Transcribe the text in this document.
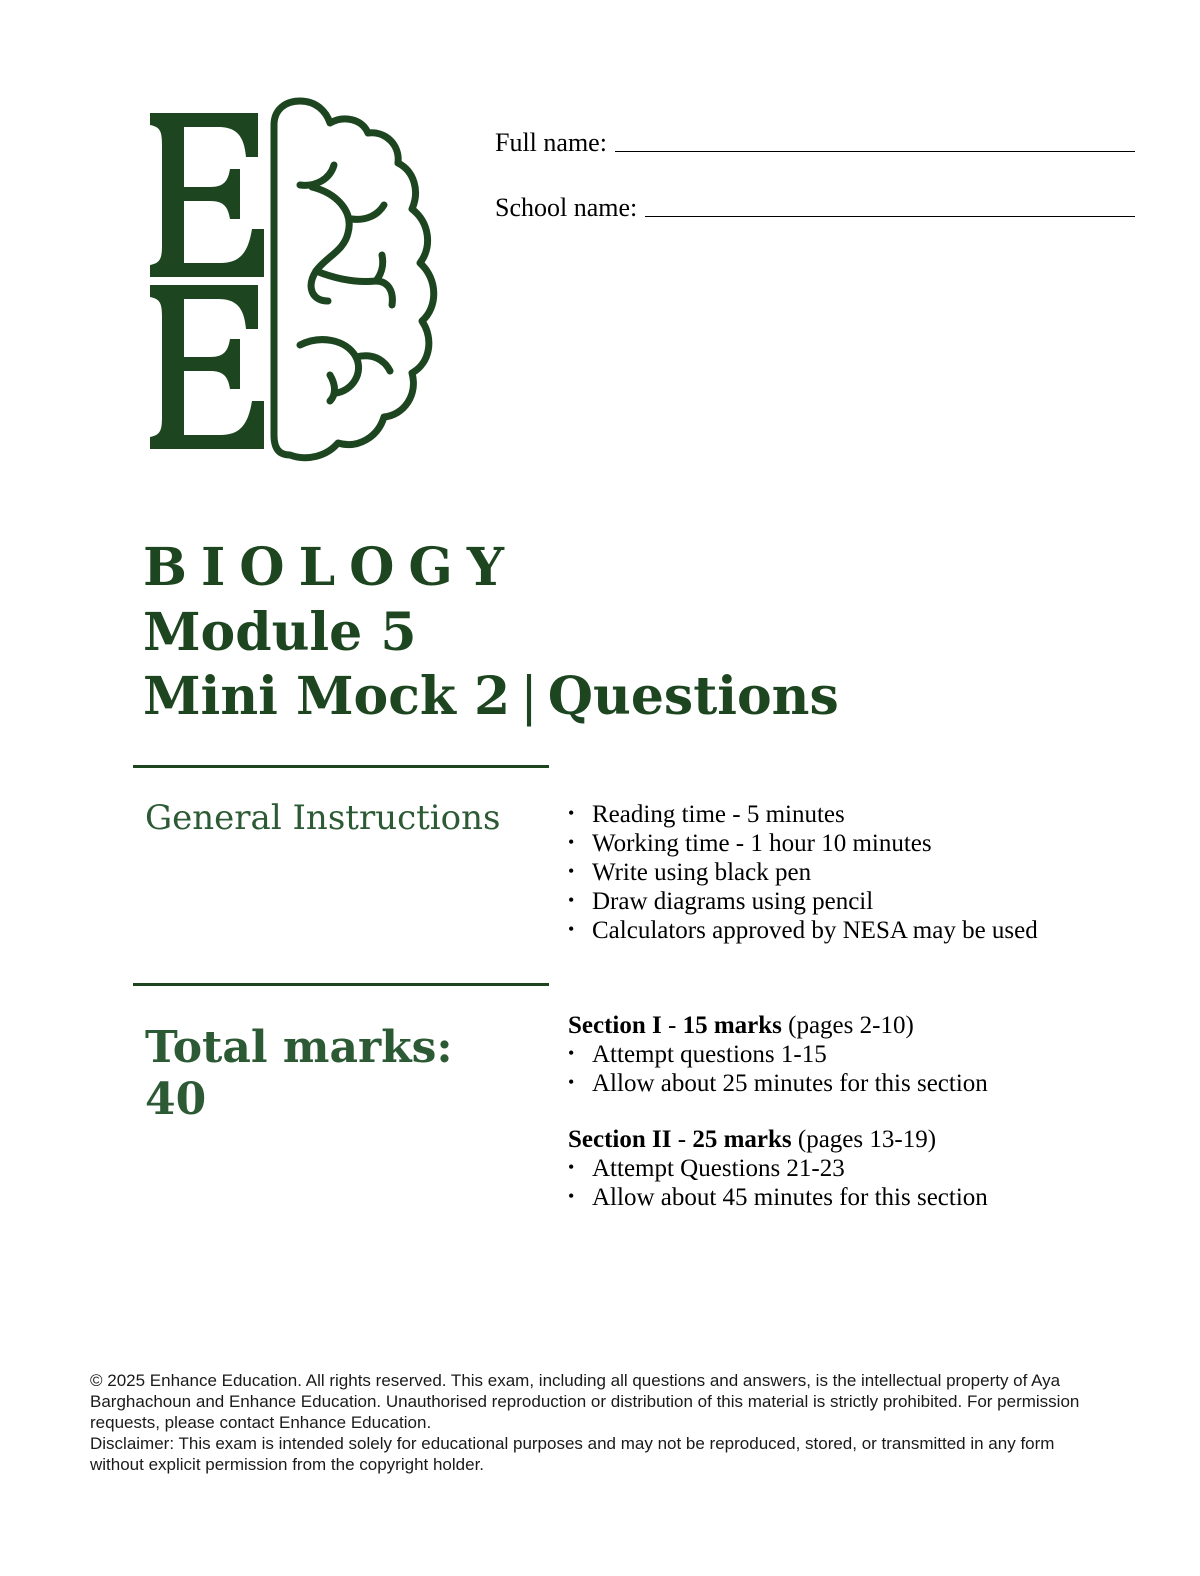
Full name:
School name:

BIOLOGY

Module 5

Mini Mock 2 | Questions

General Instructions
•	Reading time - 5 minutes
• Working time - 1 hour 10 minutes
• Write using black pen
• Draw diagrams using pencil
• Calculators approved by NESA may be used
Total marks:
40
Section I - 15 marks (pages 2-10)
• Attempt questions 1-15
• Allow about 25 minutes for this section
Section II - 25 marks (pages 13-19)
• Attempt Questions 21-23
• Allow about 45 minutes for this section

© 2025 Enhance Education. All rights reserved. This exam, including all questions and answers, is the intellectual property of Aya Barghachoun and Enhance Education. Unauthorised reproduction or distribution of this material is strictly prohibited. For permission requests, please contact Enhance Education.

Disclaimer: This exam is intended solely for educational purposes and may not be reproduced, stored, or transmitted in any form without explicit permission from the copyright holder.
